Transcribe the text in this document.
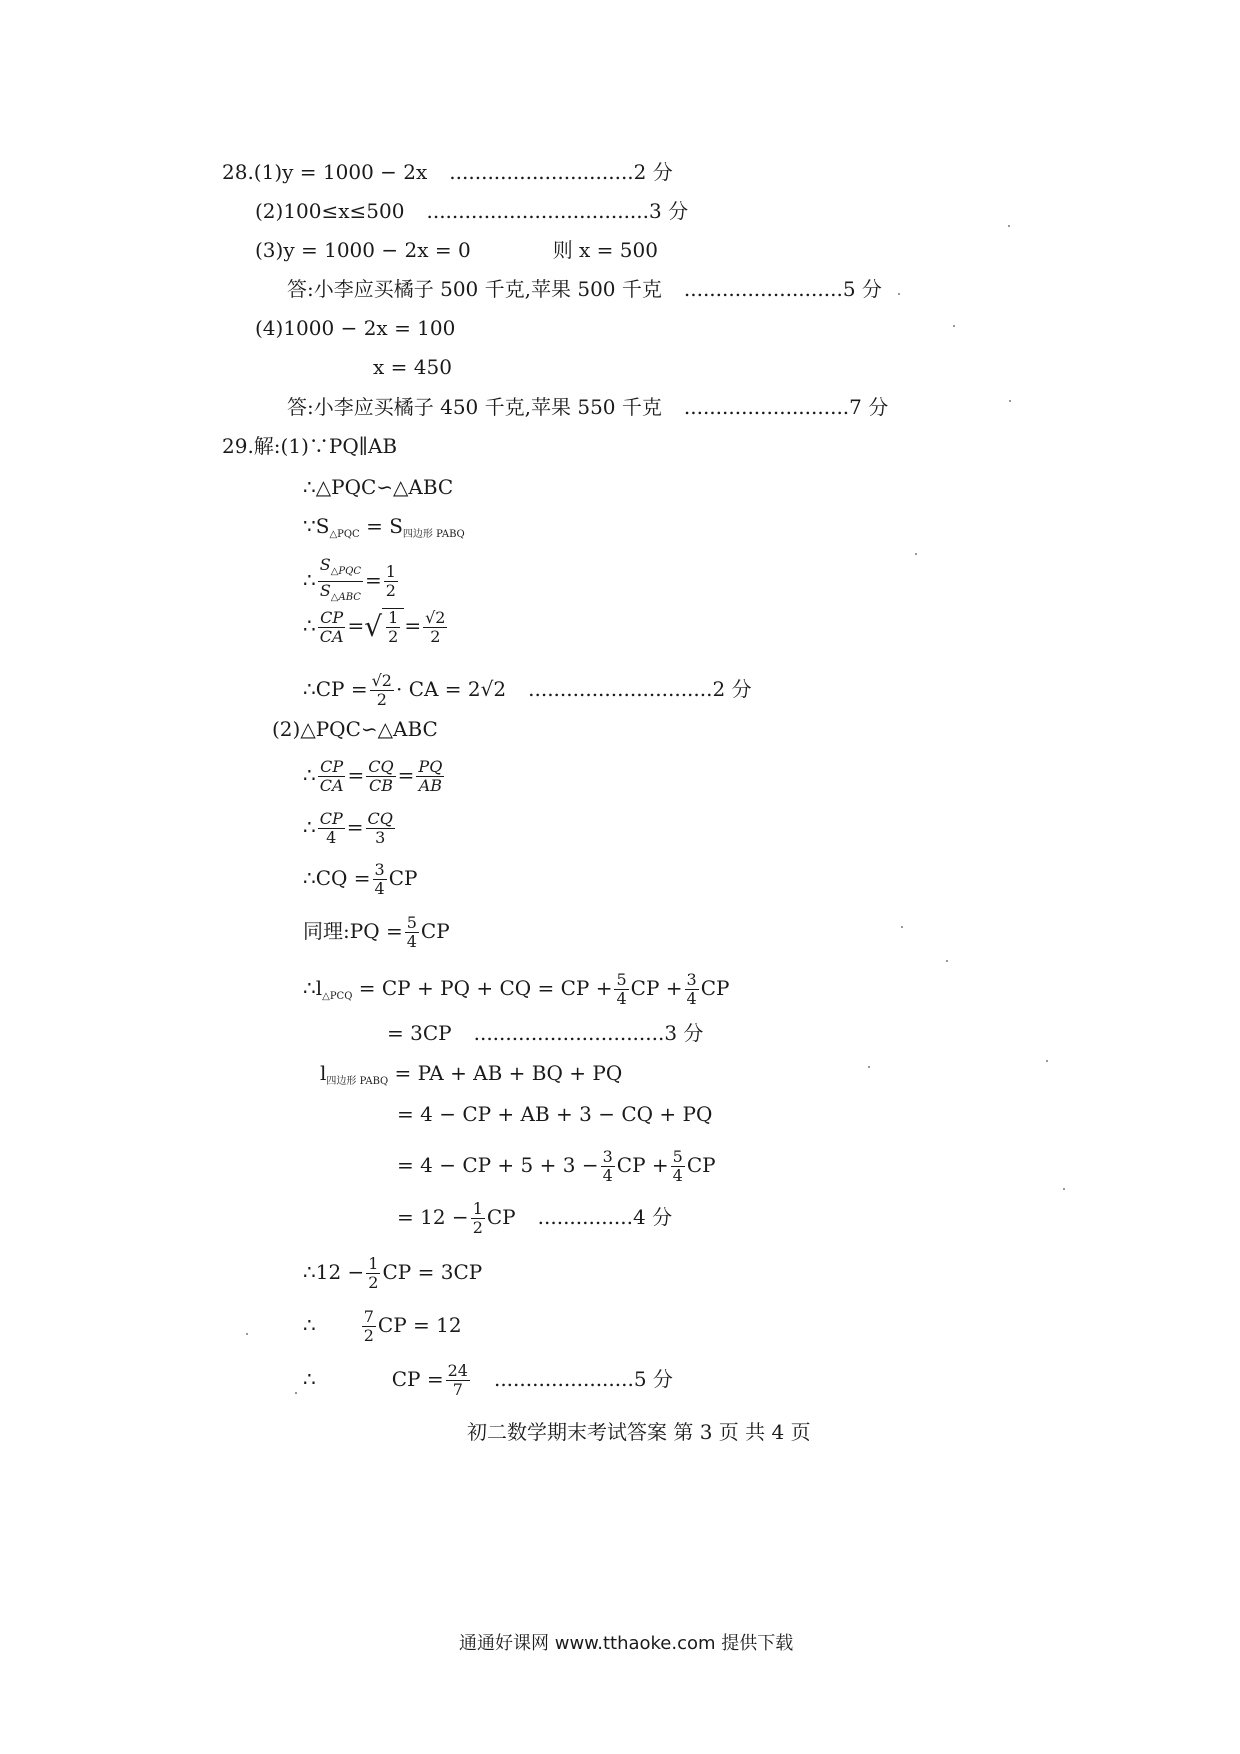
28.(1)y = 1000 − 2x .............................2 分
(2)100≤x≤500 ...................................3 分
(3)y = 1000 − 2x = 0	则 x = 500
答:小李应买橘子 500 千克,苹果 500 千克 .........................5 分
(4)1000 − 2x = 100
x = 450
答:小李应买橘子 450 千克,苹果 550 千克 ..........................7 分
29.解:(1)∵PQ∥AB
∴△PQC∽△ABC
$\because S_{\triangle PQC} = S_{四边形 PABQ}$
∴ $\frac{S_{\triangle PQC}}{S_{\triangle ABC}} = \frac{1}{2}$
∴ $\frac{CP}{CA}$ = √ $\frac{1}{2} = \frac{√2}{2}$
∴CP = $\frac{√2}{2}$ · CA = 2√2 .............................2 分
(2)△PQC∽△ABC
∴ $\frac{CP}{CA} = \frac{CQ}{CB} = \frac{PQ}{AB}$
∴ $\frac{CP}{4} = \frac{CQ}{3}$
∴CQ = $\frac{3}{4}$ CP
同理:PQ = $\frac{5}{4}$ CP
$\therefore l_{\triangle PCQ}$ = CP + PQ + CQ = CP + $\frac{5}{4}$ CP + $\frac{3}{4}$ CP
= 3CP ..............................3 分
$l_{四边形 PABQ}$ = PA + AB + BQ + PQ
= 4 − CP + AB + 3 − CQ + PQ
= 4 − CP + $5 + 3 - \frac{3}{4}$ CP + $\frac{5}{4}$ CP
= $12 - \frac{1}{2}$ CP ...............4 分
∴12 − $\frac{1}{2}$ CP = 3CP
∴	$\frac{7}{2}$ CP = 12
∴	CP = $\frac{24}{7} ......................5$ 分
初二数学期末考试答案 第 3 页 共 4 页
通通好课网 www.tthaoke.com 提供下载
